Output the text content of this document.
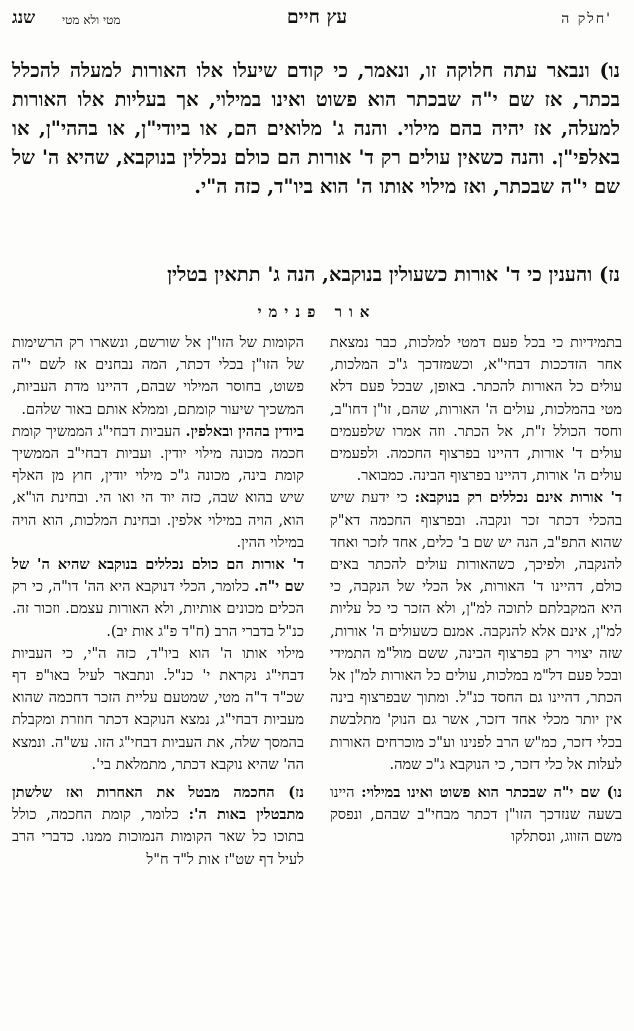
שנג מטי ולא מטי	עץ חיים	חלק ה'

נו) ונבאר עתה חלוקה זו, ונאמר, כי קודם שיעלו אלו האורות למעלה להכלל בכתר, אז שם י"ה שבכתר הוא פשוט ואינו במילוי, אך בעליות אלו האורות למעלה, אז יהיה בהם מילוי. והנה ג' מלואים הם, או ביודי"ן, או בההי"ן, או באלפי"ן. והנה כשאין עולים רק ד' אורות הם כולם נכללין בנוקבא, שהיא ה' של שם י"ה שבכתר, ואז מילוי אותו ה' הוא ביו"ד, כזה ה"י.

נז) והענין כי ד' אורות כשעולין בנוקבא, הנה ג' תתאין בטלין

אור פנימי

בתמידיות כי בכל פעם דמטי למלכות, כבר נמצאת אחר הזדככות דבחי"א, וכשמזדכך ג"כ המלכות, עולים כל האורות להכתר. באופן, שבכל פעם דלא מטי בהמלכות, עולים ה' האורות, שהם, זו"ן דחו"ב, וחסד הכולל ז"ת, אל הכתר. וזה אמרו שלפעמים עולים ד' אורות, דהיינו בפרצוף החכמה. ולפעמים עולים ה' אורות, דהיינו בפרצוף הבינה. כמבואר.

ד' אורות אינם נכללים רק בנוקבא: כי ידעת שיש בהכלי דכתר זכר ונקבה. ובפרצוף החכמה דא"ק שהוא התפ"ב, הנה יש שם ב' כלים, אחד לזכר ואחד להנקבה, ולפיכך, כשהאורות עולים להכתר באים כולם, דהיינו ד' האורות, אל הכלי של הנקבה, כי היא המקבלתם לתוכה למ"ן, ולא הזכר כי כל עליות למ"ן, אינם אלא להנקבה. אמנם כשעולים ה' אורות, שזה יצויר רק בפרצוף הבינה, ששם מול"מ התמידי ובכל פעם דל"מ במלכות, עולים כל האורות למ"ן אל הכתר, דהיינו גם החסד כנ"ל. ומתוך שבפרצוף בינה אין יותר מכלי אחד דזכר, אשר גם הנוק' מתלבשת בכלי דזכר, כמ"ש הרב לפנינו וע"כ מוכרחים האורות לעלות אל כלי דזכר, כי הנוקבא ג"כ שמה.

נו) שם י"ה שבכתר הוא פשוט ואינו במילוי: היינו בשעה שנזדכך הזו"ן דכתר מבחי"ב שבהם, ונפסק משם הזווג, ונסתלקו

הקומות של הזו"ן אל שורשם, ונשארו רק הרשימות של הזו"ן בכלי דכתר, המה נבחנים אז לשם י"ה פשוט, בחוסר המילוי שבהם, דהיינו מדת העביות, המשכיך שיעור קומתם, וממלא אותם באור שלהם.

ביודין בההין ובאלפין. העביות דבחי"ג הממשיך קומת חכמה מכונה מילוי יודין. ועביות דבחי"ב הממשיך קומת בינה, מכונה ג"כ מילוי יודין, חוץ מן האלף שיש בהוא שבה, כזה יוד הי ואו הי. ובחינת הו"א, הוא, הויה במילוי אלפין. ובחינת המלכות, הוא הויה במילוי ההין.

ד' אורות הם כולם נכללים בנוקבא שהיא ה' של שם י"ה. כלומר, הכלי דנוקבא היא הה' דו"ה, כי רק הכלים מכונים אותיות, ולא האורות עצמם. וזכור זה. כנ"ל בדברי הרב (ח"ד פ"ג אות יב).

מילוי אותו ה' הוא ביו"ד, כזה ה"י, כי העביות דבחי"ג נקראת י' כנ"ל. ונתבאר לעיל באו"פ דף שכ"ד ד"ה מטי, שמטעם עליית הזכר דחכמה שהוא מעביות דבחי"ג, נמצא הנוקבא דכתר חוזרת ומקבלת בהמסך שלה, את העביות דבחי"ג הזו. עש"ה. ונמצא הה' שהיא נוקבא דכתר, מתמלאת בי'.

נז) החכמה מבטל את האחרות ואז שלשתן מתבטלין באות ה': כלומר, קומת החכמה, כולל בתוכו כל שאר הקומות הנמוכות ממנו. כדברי הרב לעיל דף שט"ז אות ל"ד ח"ל
